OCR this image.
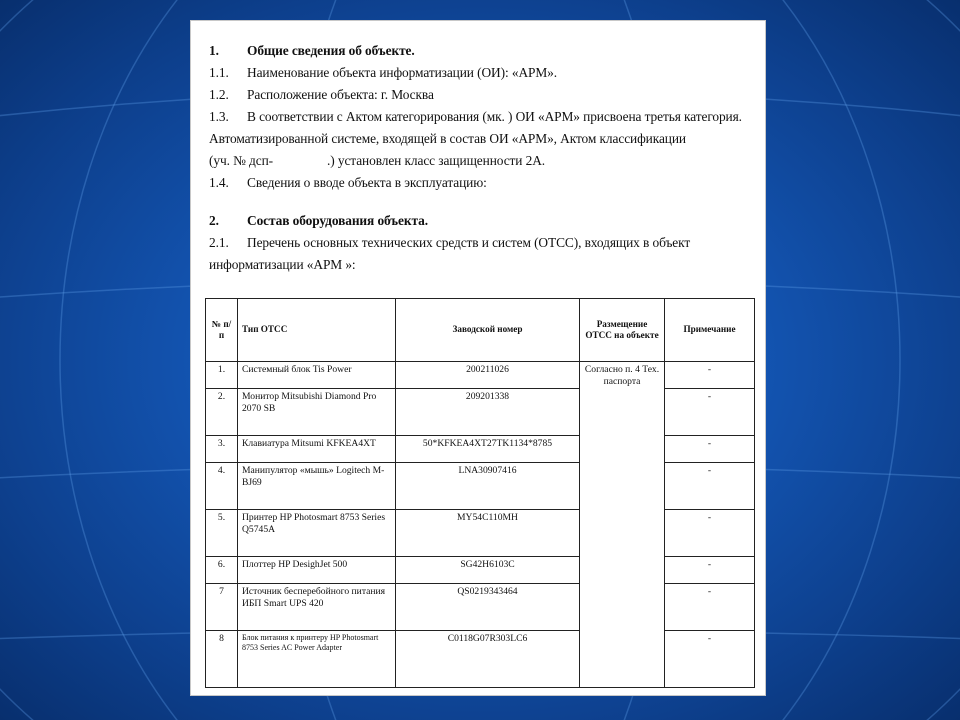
1. Общие сведения об объекте.
1.1. Наименование объекта информатизации (ОИ): «АРМ».
1.2. Расположение объекта: г. Москва
1.3. В соответствии с Актом категорирования (мк. ) ОИ «АРМ» присвоена третья категория.
Автоматизированной системе, входящей в состав ОИ «АРМ», Актом классификации
(уч. № дсп-	.) установлен класс защищенности 2А.
1.4. Сведения о вводе объекта в эксплуатацию:
2. Состав оборудования объекта.
2.1. Перечень основных технических средств и систем (ОТСС), входящих в объект
информатизации «АРМ »:
№ п/ п	Тип ОТСС	Заводской номер	Размещение ОТСС на объекте	Примечание
1.	Системный блок Tis Power	200211026	Согласно п. 4 Тех. паспорта	-
2.	Монитор Mitsubishi Diamond Pro 2070 SB	209201338		-
3.	Клавиатура Mitsumi KFKEA4XT	50*KFKEA4XT27TK1134*8785		-
4.	Манипулятор «мышь» Logitech M-BJ69	LNA30907416		-
5.	Принтер HP Photosmart 8753 Series Q5745A	MY54C110MH		-
6.	Плоттер HP DesighJet 500	SG42H6103C		-
7	Источник бесперебойного питания ИБП Smart UPS 420	QS0219343464		-
8	Блок питания к принтеру HP Photosmart 8753 Series AC Power Adapter	C0118G07R303LC6		-
